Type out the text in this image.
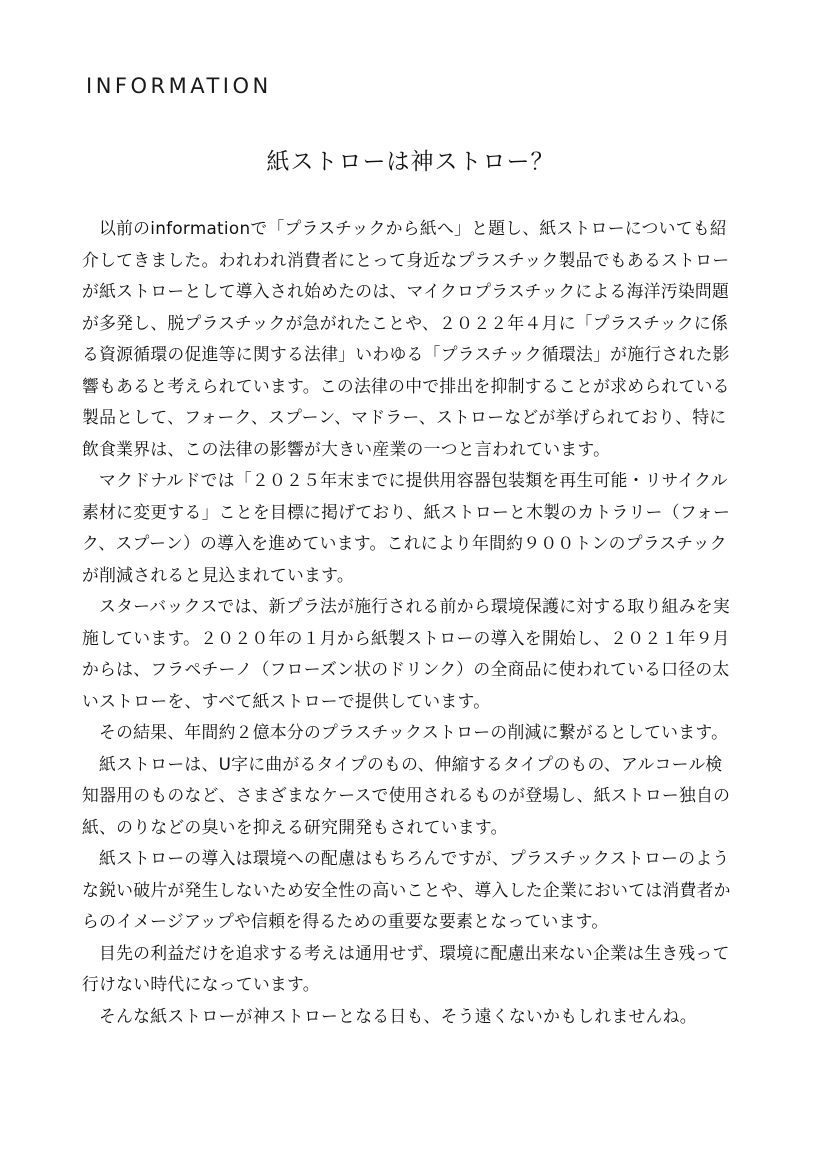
INFORMATION
紙ストローは神ストロー？
以前のinformationで「プラスチックから紙へ」と題し、紙ストローについても紹
介してきました。われわれ消費者にとって身近なプラスチック製品でもあるストロー
が紙ストローとして導入され始めたのは、マイクロプラスチックによる海洋汚染問題
が多発し、脱プラスチックが急がれたことや、２０２２年４月に「プラスチックに係
る資源循環の促進等に関する法律」いわゆる「プラスチック循環法」が施行された影
響もあると考えられています。この法律の中で排出を抑制することが求められている
製品として、フォーク、スプーン、マドラー、ストローなどが挙げられており、特に
飲食業界は、この法律の影響が大きい産業の一つと言われています。
マクドナルドでは「２０２５年末までに提供用容器包装類を再生可能・リサイクル
素材に変更する」ことを目標に掲げており、紙ストローと木製のカトラリー（フォー
ク、スプーン）の導入を進めています。これにより年間約９００トンのプラスチック
が削減されると見込まれています。
スターバックスでは、新プラ法が施行される前から環境保護に対する取り組みを実
施しています。２０２０年の１月から紙製ストローの導入を開始し、２０２１年９月
からは、フラペチーノ（フローズン状のドリンク）の全商品に使われている口径の太
いストローを、すべて紙ストローで提供しています。
その結果、年間約２億本分のプラスチックストローの削減に繋がるとしています。
紙ストローは、U字に曲がるタイプのもの、伸縮するタイプのもの、アルコール検
知器用のものなど、さまざまなケースで使用されるものが登場し、紙ストロー独自の
紙、のりなどの臭いを抑える研究開発もされています。
紙ストローの導入は環境への配慮はもちろんですが、プラスチックストローのよう
な鋭い破片が発生しないため安全性の高いことや、導入した企業においては消費者か
らのイメージアップや信頼を得るための重要な要素となっています。
目先の利益だけを追求する考えは通用せず、環境に配慮出来ない企業は生き残って
行けない時代になっています。
そんな紙ストローが神ストローとなる日も、そう遠くないかもしれませんね。
